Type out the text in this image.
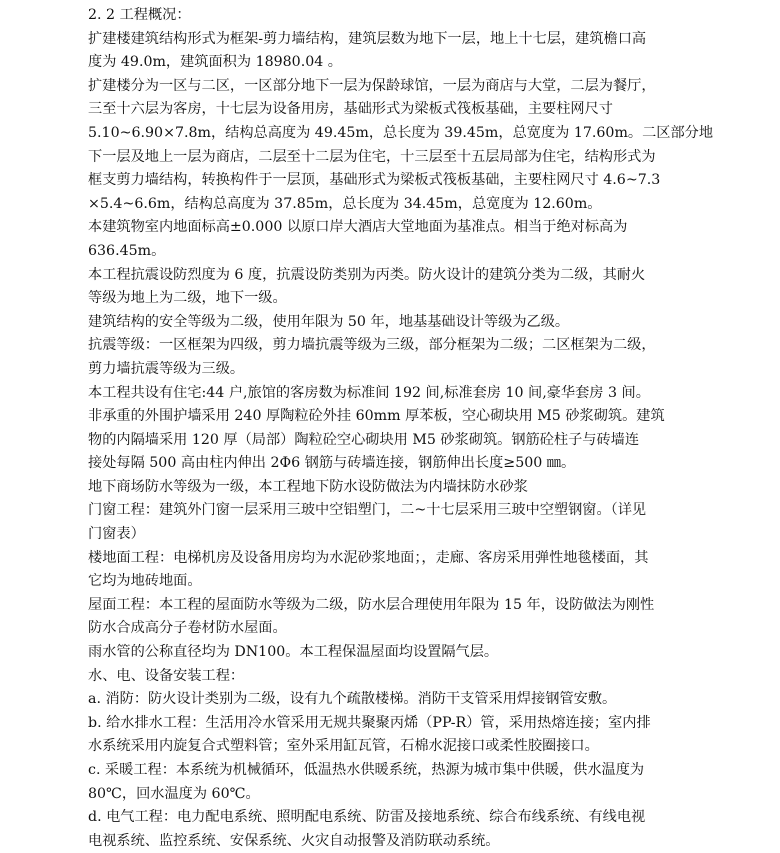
2. 2 工程概况：

扩建楼建筑结构形式为框架-剪力墙结构，建筑层数为地下一层，地上十七层，建筑檐口高
度为 49.0m，建筑面积为 18980.04 。

扩建楼分为一区与二区，一区部分地下一层为保龄球馆，一层为商店与大堂，二层为餐厅，
三至十六层为客房，十七层为设备用房，基础形式为梁板式筏板基础，主要柱网尺寸
5.10~6.90×7.8m，结构总高度为 49.45m，总长度为 39.45m，总宽度为 17.60m。二区部分地
下一层及地上一层为商店，二层至十二层为住宅，十三层至十五层局部为住宅，结构形式为
框支剪力墙结构，转换构件于一层顶，基础形式为梁板式筏板基础，主要柱网尺寸 4.6~7.3
×5.4~6.6m，结构总高度为 37.85m，总长度为 34.45m，总宽度为 12.60m。

本建筑物室内地面标高±0.000 以原口岸大酒店大堂地面为基准点。相当于绝对标高为
636.45m。

本工程抗震设防烈度为 6 度，抗震设防类别为丙类。防火设计的建筑分类为二级，其耐火
等级为地上为二级，地下一级。

建筑结构的安全等级为二级，使用年限为 50 年，地基基础设计等级为乙级。

抗震等级：一区框架为四级，剪力墙抗震等级为三级，部分框架为二级；二区框架为二级，
剪力墙抗震等级为三级。

本工程共设有住宅:44 户,旅馆的客房数为标准间 192 间,标准套房 10 间,豪华套房 3 间。

非承重的外围护墙采用 240 厚陶粒砼外挂 60mm 厚苯板，空心砌块用 M5 砂浆砌筑。建筑
物的内隔墙采用 120 厚（局部）陶粒砼空心砌块用 M5 砂浆砌筑。钢筋砼柱子与砖墙连
接处每隔 500 高由柱内伸出 2Φ6 钢筋与砖墙连接，钢筋伸出长度≥500 ㎜。

地下商场防水等级为一级，本工程地下防水设防做法为内墙抹防水砂浆

门窗工程：建筑外门窗一层采用三玻中空铝塑门，二~十七层采用三玻中空塑钢窗。（详见
门窗表）

楼地面工程：电梯机房及设备用房均为水泥砂浆地面；，走廊、客房采用弹性地毯楼面，其
它均为地砖地面。

屋面工程：本工程的屋面防水等级为二级，防水层合理使用年限为 15 年，设防做法为刚性
防水合成高分子卷材防水屋面。

雨水管的公称直径均为 DN100。本工程保温屋面均设置隔气层。

水、电、设备安装工程：

a. 消防：防火设计类别为二级，设有九个疏散楼梯。消防干支管采用焊接钢管安敷。

b. 给水排水工程：生活用冷水管采用无规共聚聚丙烯（PP-R）管，采用热熔连接；室内排
水系统采用内旋复合式塑料管；室外采用缸瓦管，石棉水泥接口或柔性胶圈接口。

c. 采暖工程：本系统为机械循环，低温热水供暖系统，热源为城市集中供暖，供水温度为
80℃，回水温度为 60℃。

d. 电气工程：电力配电系统、照明配电系统、防雷及接地系统、综合布线系统、有线电视
电视系统、监控系统、安保系统、火灾自动报警及消防联动系统。
